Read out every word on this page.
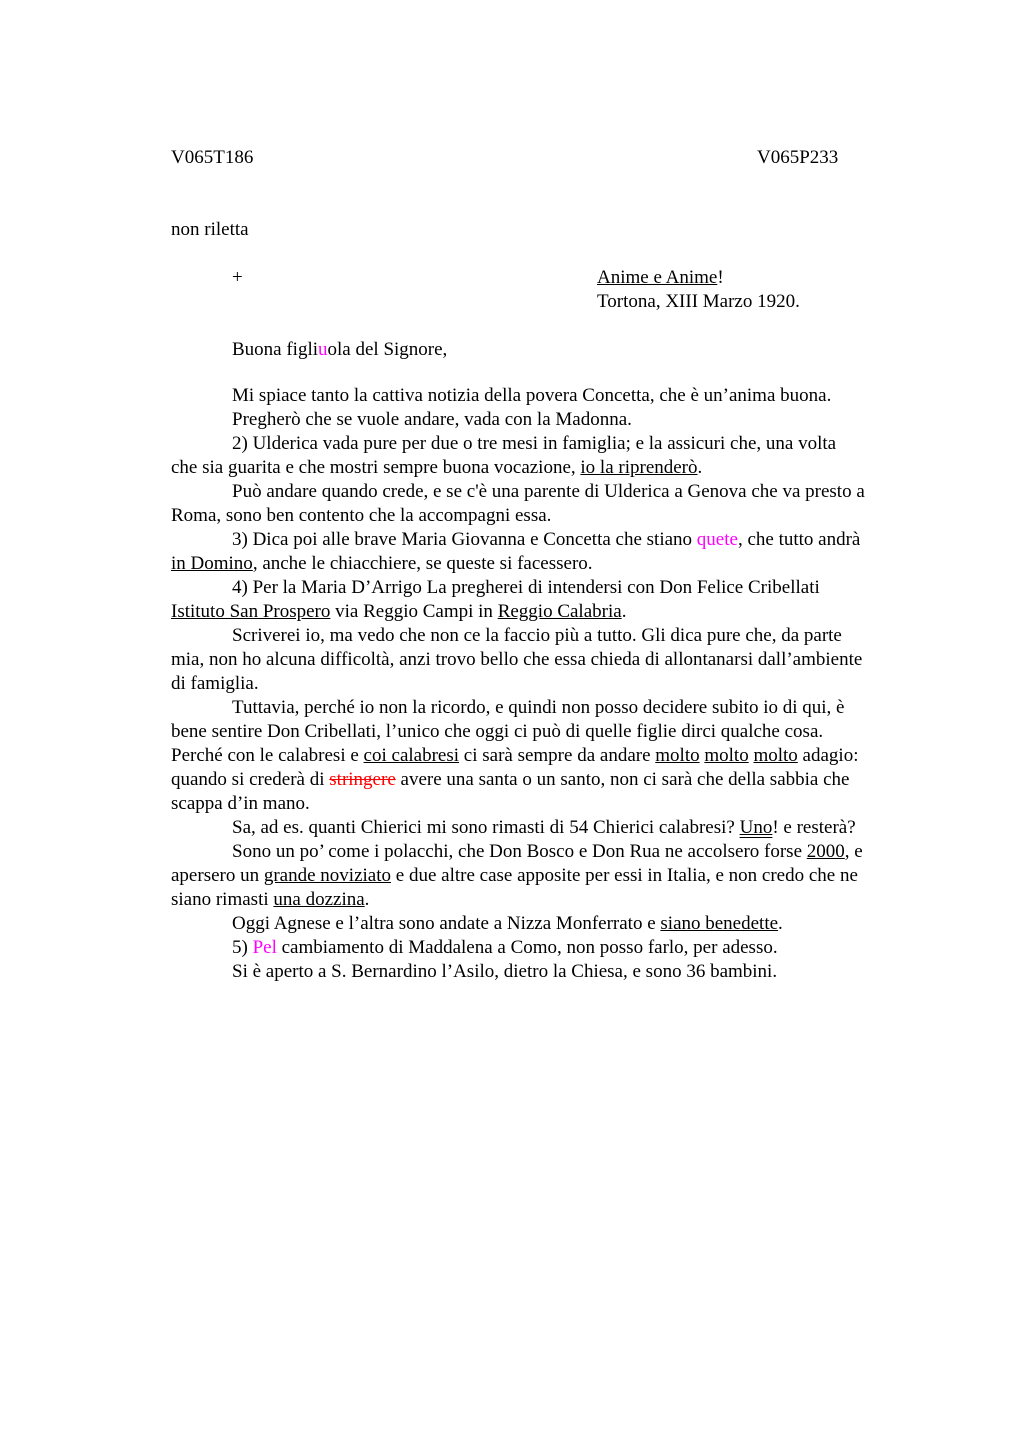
V065T186	V065P233
non riletta
+	Anime e Anime!
Tortona, XIII Marzo 1920.
Buona figliuola del Signore,

Mi spiace tanto la cattiva notizia della povera Concetta, che è un’anima buona.

Pregherò che se vuole andare, vada con la Madonna.

2) Ulderica vada pure per due o tre mesi in famiglia; e la assicuri che, una volta

che sia guarita e che mostri sempre buona vocazione, io la riprenderò.

Può andare quando crede, e se c'è una parente di Ulderica a Genova che va presto a

Roma, sono ben contento che la accompagni essa.

3) Dica poi alle brave Maria Giovanna e Concetta che stiano quete, che tutto andrà

in Domino, anche le chiacchiere, se queste si facessero.

4) Per la Maria D’Arrigo La pregherei di intendersi con Don Felice Cribellati

Istituto San Prospero via Reggio Campi in Reggio Calabria.

Scriverei io, ma vedo che non ce la faccio più a tutto. Gli dica pure che, da parte

mia, non ho alcuna difficoltà, anzi trovo bello che essa chieda di allontanarsi dall’ambiente

di famiglia.

Tuttavia, perché io non la ricordo, e quindi non posso decidere subito io di qui, è

bene sentire Don Cribellati, l’unico che oggi ci può di quelle figlie dirci qualche cosa.

Perché con le calabresi e coi calabresi ci sarà sempre da andare molto molto molto adagio:

quando si crederà di stringere avere una santa o un santo, non ci sarà che della sabbia che

scappa d’in mano.

Sa, ad es. quanti Chierici mi sono rimasti di 54 Chierici calabresi? Uno! e resterà?

Sono un po’ come i polacchi, che Don Bosco e Don Rua ne accolsero forse 2000, e

apersero un grande noviziato e due altre case apposite per essi in Italia, e non credo che ne

siano rimasti una dozzina.

Oggi Agnese e l’altra sono andate a Nizza Monferrato e siano benedette.

5) Pel cambiamento di Maddalena a Como, non posso farlo, per adesso.

Si è aperto a S. Bernardino l’Asilo, dietro la Chiesa, e sono 36 bambini.
